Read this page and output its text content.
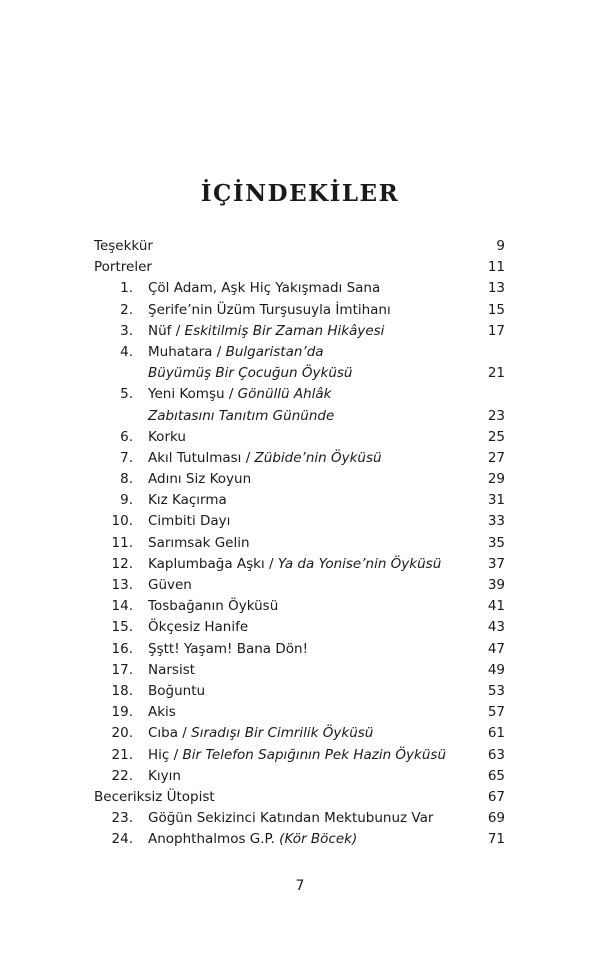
İÇİNDEKİLER
Teşekkür	9
Portreler	11
1. Çöl Adam, Aşk Hiç Yakışmadı Sana	13
2. Şerife’nin Üzüm Turşusuyla İmtihanı	15
3. Nüf / Eskitilmiş Bir Zaman Hikâyesi	17
4. Muhatara / Bulgaristan’da
Büyümüş Bir Çocuğun Öyküsü	21
5. Yeni Komşu / Gönüllü Ahlâk
Zabıtasını Tanıtım Gününde	23
6. Korku	25
7. Akıl Tutulması / Zübide’nin Öyküsü	27
8. Adını Siz Koyun	29
9. Kız Kaçırma	31
10. Cimbiti Dayı	33
11. Sarımsak Gelin	35
12. Kaplumbağa Aşkı / Ya da Yonise’nin Öyküsü	37
13. Güven	39
14. Tosbağanın Öyküsü	41
15. Ökçesiz Hanife	43
16. Şştt! Yaşam! Bana Dön!	47
17. Narsist	49
18. Boğuntu	53
19. Akis	57
20. Cıba / Sıradışı Bir Cimrilik Öyküsü	61
21. Hiç / Bir Telefon Sapığının Pek Hazin Öyküsü	63
22. Kıyın	65
Beceriksiz Ütopist	67
23. Göğün Sekizinci Katından Mektubunuz Var	69
24. Anophthalmos G.P. (Kör Böcek)	71
7
